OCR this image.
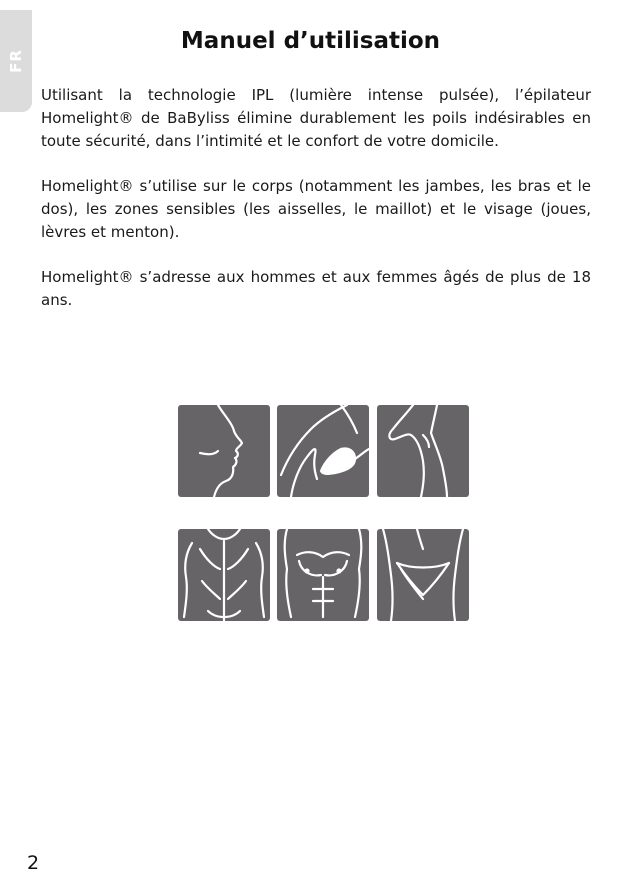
FR
Manuel d’utilisation

Utilisant la technologie IPL (lumière intense pulsée), l’épilateur Homelight® de BaByliss élimine durablement les poils indésirables en toute sécurité, dans l’intimité et le confort de votre domicile.

Homelight® s’utilise sur le corps (notamment les jambes, les bras et le dos), les zones sensibles (les aisselles, le maillot) et le visage (joues, lèvres et menton).

Homelight® s’adresse aux hommes et aux femmes âgés de plus de 18 ans.

2
